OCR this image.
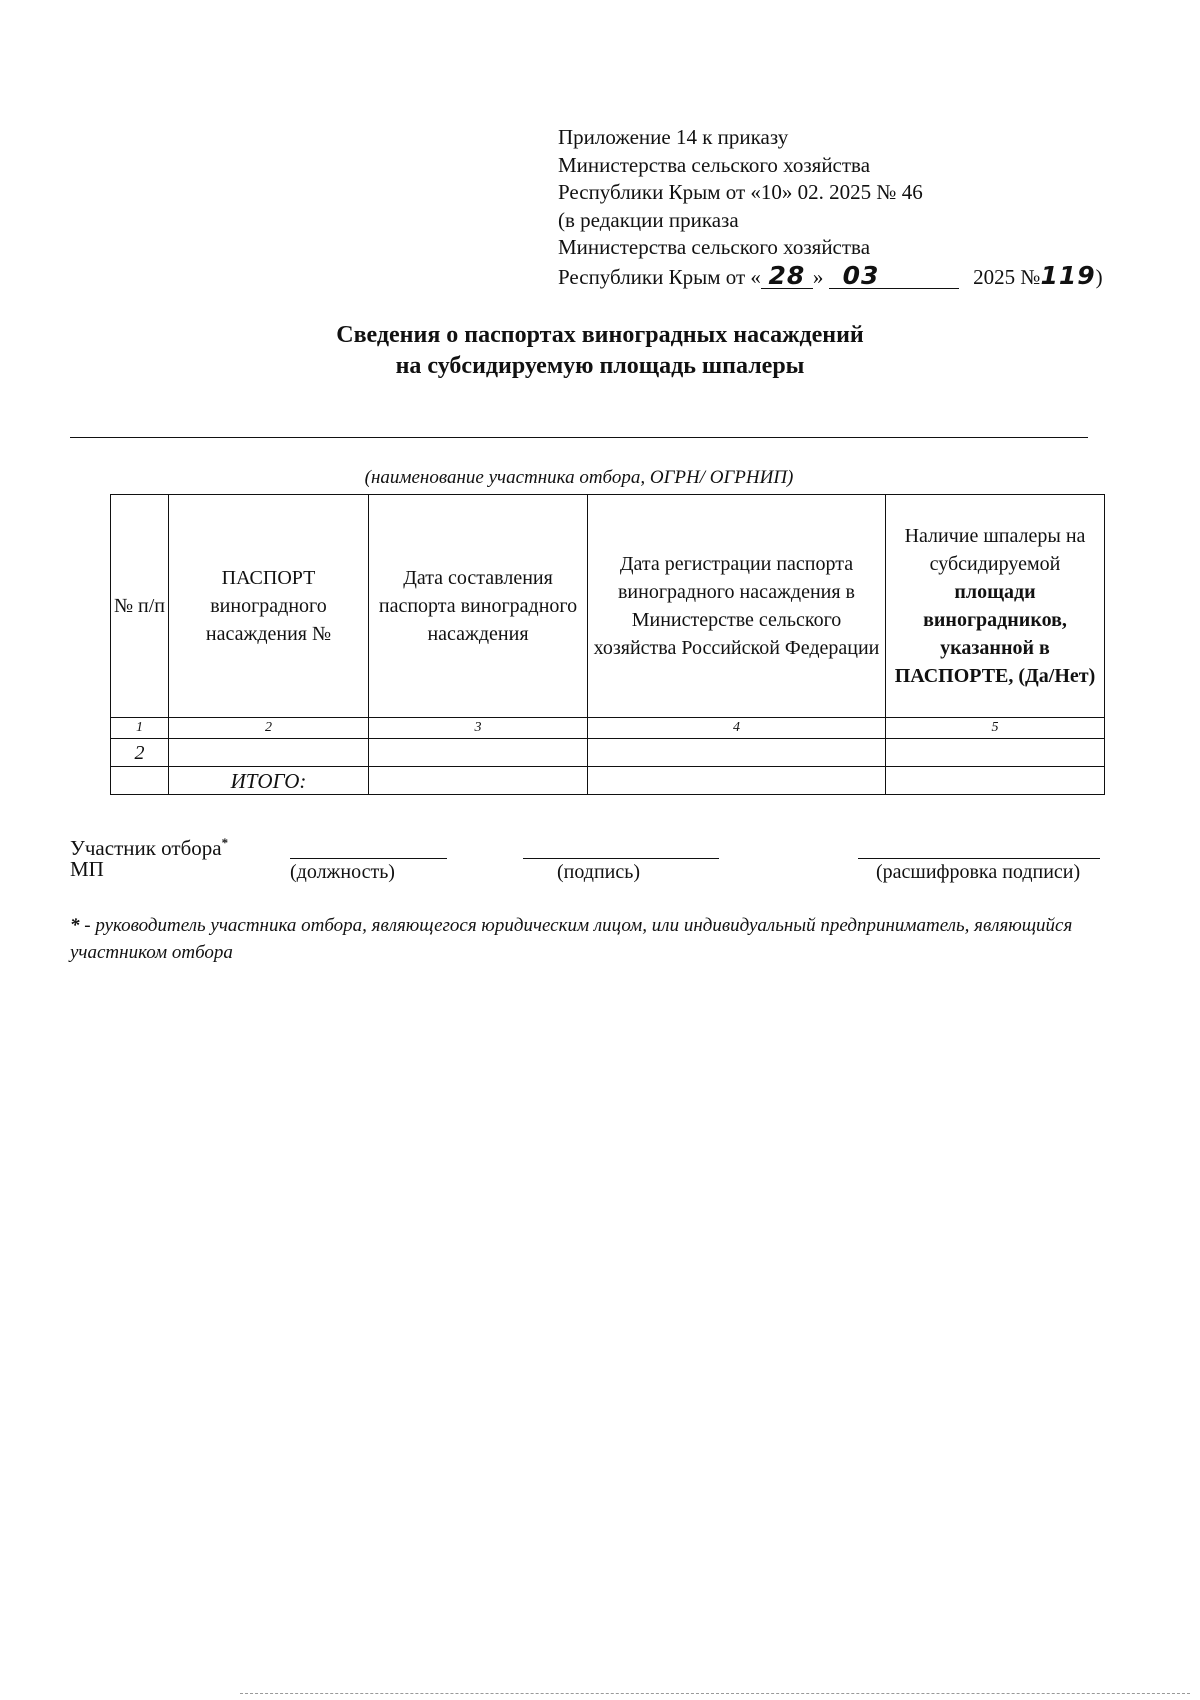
Приложение 14 к приказу
Министерства сельского хозяйства
Республики Крым от «10» 02. 2025 № 46
(в редакции приказа
Министерства сельского хозяйства
Республики Крым от « 28 » 03	2025 №119)
Сведения о паспортах виноградных насаждений
на субсидируемую площадь шпалеры
(наименование участника отбора, ОГРН/ ОГРНИП)
№ п/п	ПАСПОРТ виноградного насаждения №	Дата составления паспорта виноградного насаждения	Дата регистрации паспорта виноградного насаждения в Министерстве сельского хозяйства Российской Федерации	Наличие шпалеры на субсидируемой площади виноградников, указанной в ПАСПОРТЕ, (Да/Нет)
1	2	3	4	5
2				
	ИТОГО:			
Участник отбора*
МП	(должность)	(подпись)	(расшифровка подписи)
* - руководитель участника отбора, являющегося юридическим лицом, или индивидуальный предприниматель, являющийся участником отбора
